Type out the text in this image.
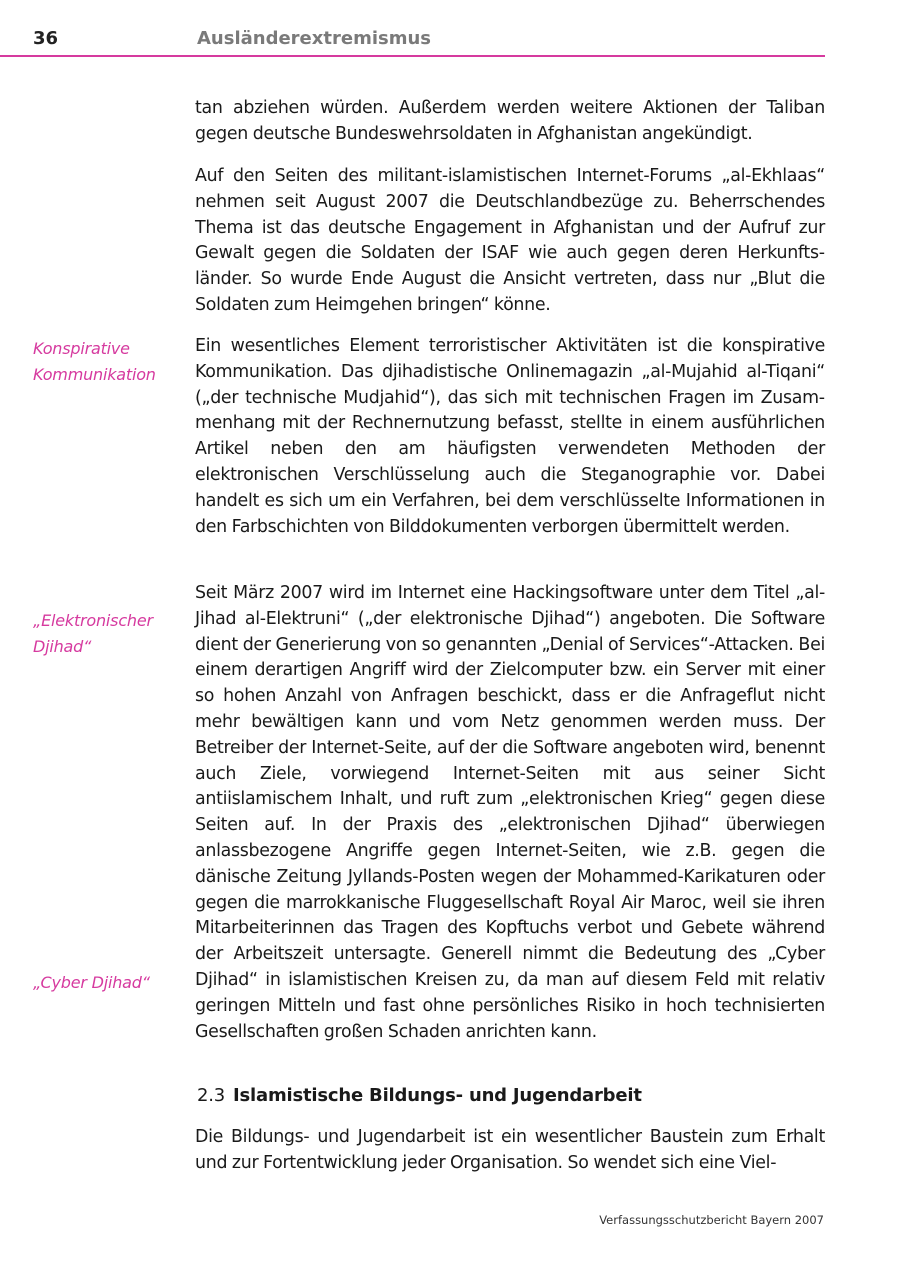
36	Ausländerextremismus

tan abziehen würden. Außerdem werden weitere Aktionen der Taliban gegen deutsche Bundeswehrsoldaten in Afghanistan angekündigt.

Auf den Seiten des militant-islamistischen Internet-Forums „al-Ekhlaas“ nehmen seit August 2007 die Deutschlandbezüge zu. Beherrschendes Thema ist das deutsche Engagement in Afghanistan und der Aufruf zur Gewalt gegen die Soldaten der ISAF wie auch gegen deren Herkunftsländer. So wurde Ende August die Ansicht vertreten, dass nur „Blut die Soldaten zum Heimgehen bringen“ könne.

Konspirative Kommunikation

Ein wesentliches Element terroristischer Aktivitäten ist die konspirative Kommunikation. Das djihadistische Onlinemagazin „al-Mujahid al-Tiqani“ („der technische Mudjahid“), das sich mit technischen Fragen im Zusammenhang mit der Rechnernutzung befasst, stellte in einem ausführlichen Artikel neben den am häufigsten verwendeten Methoden der elektronischen Verschlüsselung auch die Steganographie vor. Dabei handelt es sich um ein Verfahren, bei dem verschlüsselte Informationen in den Farbschichten von Bilddokumenten verborgen übermittelt werden.

„Elektronischer Djihad“

Seit März 2007 wird im Internet eine Hackingsoftware unter dem Titel „al-Jihad al-Elektruni“ („der elektronische Djihad“) angeboten. Die Software dient der Generierung von so genannten „Denial of Services“-Attacken. Bei einem derartigen Angriff wird der Zielcomputer bzw. ein Server mit einer so hohen Anzahl von Anfragen beschickt, dass er die Anfrageflut nicht mehr bewältigen kann und vom Netz genommen werden muss. Der Betreiber der Internet-Seite, auf der die Software angeboten wird, benennt auch Ziele, vorwiegend Internet-Seiten mit aus seiner Sicht antiislamischem Inhalt, und ruft zum „elektronischen Krieg“ gegen diese Seiten auf. In der Praxis des „elektronischen Djihad“ überwiegen anlassbezogene Angriffe gegen Internet-Seiten, wie z.B. gegen die dänische Zeitung Jyllands-Posten wegen der Mohammed-Karikaturen oder gegen die marrokkanische Fluggesellschaft Royal Air Maroc, weil sie ihren Mitarbeiterinnen das Tragen des Kopftuchs verbot und Gebete während der Arbeitszeit untersagte. Generell nimmt die Bedeutung des „Cyber Djihad“ in islamistischen Kreisen zu, da man auf diesem Feld mit relativ geringen Mitteln und fast ohne persönliches Risiko in hoch technisierten Gesellschaften großen Schaden anrichten kann.

„Cyber Djihad“

2.3 Islamistische Bildungs- und Jugendarbeit

Die Bildungs- und Jugendarbeit ist ein wesentlicher Baustein zum Erhalt und zur Fortentwicklung jeder Organisation. So wendet sich eine Viel-

Verfassungsschutzbericht Bayern 2007
